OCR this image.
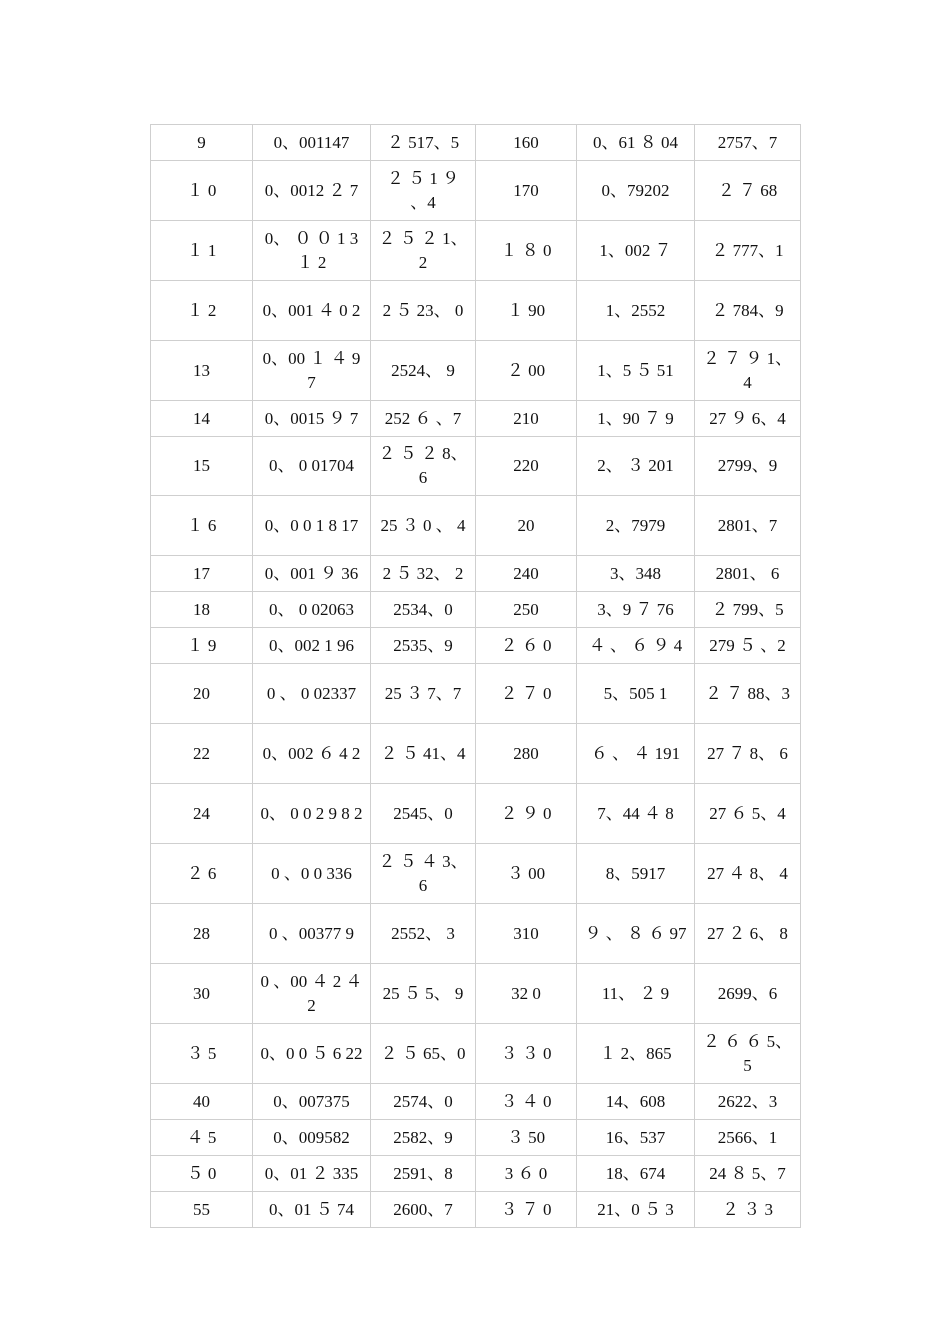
9	0、001147	２ 517、5	160	0、61 ８ 04	2757、7
１ 0	0、0012 ２ 7	２ ５ 1 ９ 、4	170	0、79202	２ ７ 68
１ 1	0、 ０ ０ 1 3 １ 2	２ ５ ２ 1、 2	１ ８ 0	1、002 ７	２ 777、1
１ 2	0、001 ４ 0 2	2 ５ 23、 0	１ 90	1、2552	２ 784、9
13	0、00 １ ４ 97	2524、 9	２ 00	1、5 ５ 51	２ ７ ９ 1、4
14	0、0015 ９ 7	252 ６ 、7	210	1、90 ７ 9	27 ９ 6、4
15	0、 0 01704	２ ５ ２ 8、6	220	2、 ３ 201	2799、9
１ 6	0、0 0 1 8 17	25 ３ 0 、 4	20	2、7979	2801、7
17	0、001 ９ 36	2 ５ 32、 2	240	3、348	2801、 6
18	0、 0 02063	2534、0	250	3、9 ７ 76	２ 799、5
１ 9	0、002 1 96	2535、9	２ ６ 0	４ 、 ６ ９ 4	279 ５ 、2
20	0 、 0 02337	25 ３ 7、7	２ ７ 0	5、505 1	２ ７ 88、3
22	0、002 ６ 4 2	２ ５ 41、4	280	６ 、 ４ 191	27 ７ 8、 6
24	0、 0 0 2 9 8 2	2545、0	２ ９ 0	7、44 ４ 8	27 ６ 5、4
２ 6	0 、0 0 336	２ ５ ４ 3、 6	３ 00	8、5917	27 ４ 8、 4
28	0 、00377 9	2552、 3	310	９ 、 ８ ６ 97	27 ２ 6、 8
30	0 、00 ４ 2 ４ 2	25 ５ 5、 9	32 0	11、 ２ 9	2699、6
３ 5	0、0 0 ５ 6 22	２ ５ 65、0	３ ３ 0	１ 2、865	２ ６ ６ 5、 5
40	0、007375	2574、0	３ ４ 0	14、608	2622、3
４ 5	0、009582	2582、9	３ 50	16、537	2566、1
５ 0	0、01 ２ 335	2591、8	3 ６ 0	18、674	24 ８ 5、7
55	0、01 ５ 74	2600、7	３ ７ 0	21、0 ５ 3	２ ３ 3
